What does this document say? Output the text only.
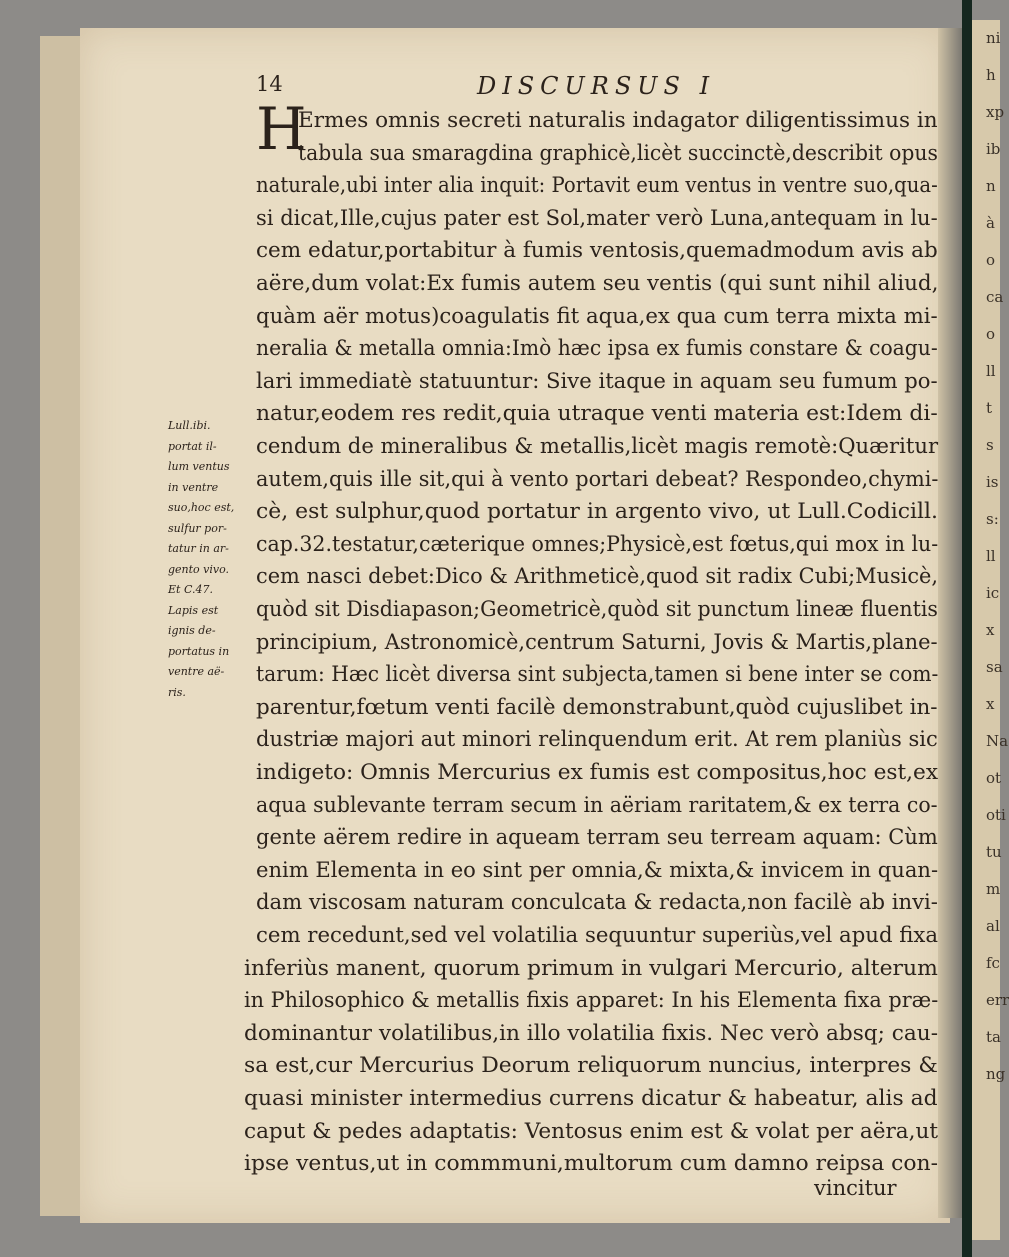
ni
h
xp
ib
n
à
o
ca
o
ll
t
s
is
s:
ll
ic
x
sa
x
Na
ot
oti
tu
m
al
fc
err
ta
ng
14	DISCURSUS I
H
Ermes omnis secreti naturalis indagator diligentissimus in
tabula sua smaragdina graphicè,licèt succinctè,describit opus
naturale,ubi inter alia inquit: Portavit eum ventus in ventre suo,qua-
si dicat,Ille,cujus pater est Sol,mater verò Luna,antequam in lu-
cem edatur,portabitur à fumis ventosis,quemadmodum avis ab
aëre,dum volat:Ex fumis autem seu ventis (qui sunt nihil aliud,
quàm aër motus)coagulatis fit aqua,ex qua cum terra mixta mi-
neralia & metalla omnia:Imò hæc ipsa ex fumis constare & coagu-
lari immediatè statuuntur: Sive itaque in aquam seu fumum po-
natur,eodem res redit,quia utraque venti materia est:Idem di-
cendum de mineralibus & metallis,licèt magis remotè:Quæritur
autem,quis ille sit,qui à vento portari debeat? Respondeo,chymi-
cè, est sulphur,quod portatur in argento vivo, ut Lull.Codicill.
cap.32.testatur,cæterique omnes;Physicè,est fœtus,qui mox in lu-
cem nasci debet:Dico & Arithmeticè,quod sit radix Cubi;Musicè,
quòd sit Disdiapason;Geometricè,quòd sit punctum lineæ fluentis
principium, Astronomicè,centrum Saturni, Jovis & Martis,plane-
tarum: Hæc licèt diversa sint subjecta,tamen si bene inter se com-
parentur,fœtum venti facilè demonstrabunt,quòd cujuslibet in-
dustriæ majori aut minori relinquendum erit. At rem planiùs sic
indigeto: Omnis Mercurius ex fumis est compositus,hoc est,ex
aqua sublevante terram secum in aëriam raritatem,& ex terra co-
gente aërem redire in aqueam terram seu terream aquam: Cùm
enim Elementa in eo sint per omnia,& mixta,& invicem in quan-
dam viscosam naturam conculcata & redacta,non facilè ab invi-
cem recedunt,sed vel volatilia sequuntur superiùs,vel apud fixa
inferiùs manent, quorum primum in vulgari Mercurio, alterum
in Philosophico & metallis fixis apparet: In his Elementa fixa præ-
dominantur volatilibus,in illo volatilia fixis. Nec verò absq; cau-
sa est,cur Mercurius Deorum reliquorum nuncius, interpres &
quasi minister intermedius currens dicatur & habeatur, alis ad
caput & pedes adaptatis: Ventosus enim est & volat per aëra,ut
ipse ventus,ut in commmuni,multorum cum damno reipsa con-
Lull.ibi.
portat il-
lum ventus
in ventre
suo,hoc est,
sulfur por-
tatur in ar-
gento vivo.
Et C.47.
Lapis est
ignis de-
portatus in
ventre aë-
ris.
vincitur
